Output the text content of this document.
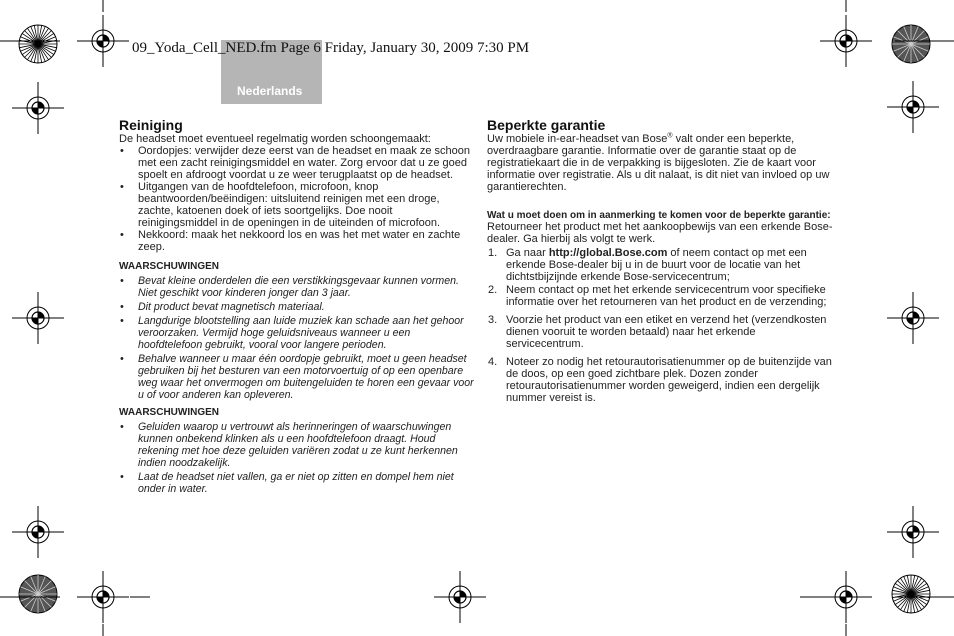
Nederlands
09_Yoda_Cell_NED.fm Page 6 Friday, January 30, 2009 7:30 PM
Reiniging

De headset moet eventueel regelmatig worden schoongemaakt:

• Oordopjes: verwijder deze eerst van de headset en maak ze schoon met een zacht reinigingsmiddel en water. Zorg ervoor dat u ze goed spoelt en afdroogt voordat u ze weer terugplaatst op de headset.
• Uitgangen van de hoofdtelefoon, microfoon, knop beantwoorden/beëindigen: uitsluitend reinigen met een droge, zachte, katoenen doek of iets soortgelijks. Doe nooit reinigingsmiddel in de openingen in de uiteinden of microfoon.
• Nekkoord: maak het nekkoord los en was het met water en zachte zeep.

WAARSCHUWINGEN

• Bevat kleine onderdelen die een verstikkingsgevaar kunnen vormen. Niet geschikt voor kinderen jonger dan 3 jaar.
• Dit product bevat magnetisch materiaal.
• Langdurige blootstelling aan luide muziek kan schade aan het gehoor veroorzaken. Vermijd hoge geluidsniveaus wanneer u een hoofdtelefoon gebruikt, vooral voor langere perioden.
• Behalve wanneer u maar één oordopje gebruikt, moet u geen headset gebruiken bij het besturen van een motorvoertuig of op een openbare weg waar het onvermogen om buitengeluiden te horen een gevaar voor u of voor anderen kan opleveren.

WAARSCHUWINGEN

• Geluiden waarop u vertrouwt als herinneringen of waarschuwingen kunnen onbekend klinken als u een hoofdtelefoon draagt. Houd rekening met hoe deze geluiden variëren zodat u ze kunt herkennen indien noodzakelijk.
• Laat de headset niet vallen, ga er niet op zitten en dompel hem niet onder in water.
Beperkte garantie

Uw mobiele in-ear-headset van Bose® valt onder een beperkte, overdraagbare garantie. Informatie over de garantie staat op de registratiekaart die in de verpakking is bijgesloten. Zie de kaart voor informatie over registratie. Als u dit nalaat, is dit niet van invloed op uw garantierechten.

Wat u moet doen om in aanmerking te komen voor de beperkte garantie:

Retourneer het product met het aankoopbewijs van een erkende Bose-dealer. Ga hierbij als volgt te werk.

1. Ga naar http://global.Bose.com of neem contact op met een erkende Bose-dealer bij u in de buurt voor de locatie van het dichtstbijzijnde erkende Bose-servicecentrum;
2. Neem contact op met het erkende servicecentrum voor specifieke informatie over het retourneren van het product en de verzending;
3. Voorzie het product van een etiket en verzend het (verzendkosten dienen vooruit te worden betaald) naar het erkende servicecentrum.
4. Noteer zo nodig het retourautorisatienummer op de buitenzijde van de doos, op een goed zichtbare plek. Dozen zonder retourautorisatienummer worden geweigerd, indien een dergelijk nummer vereist is.
